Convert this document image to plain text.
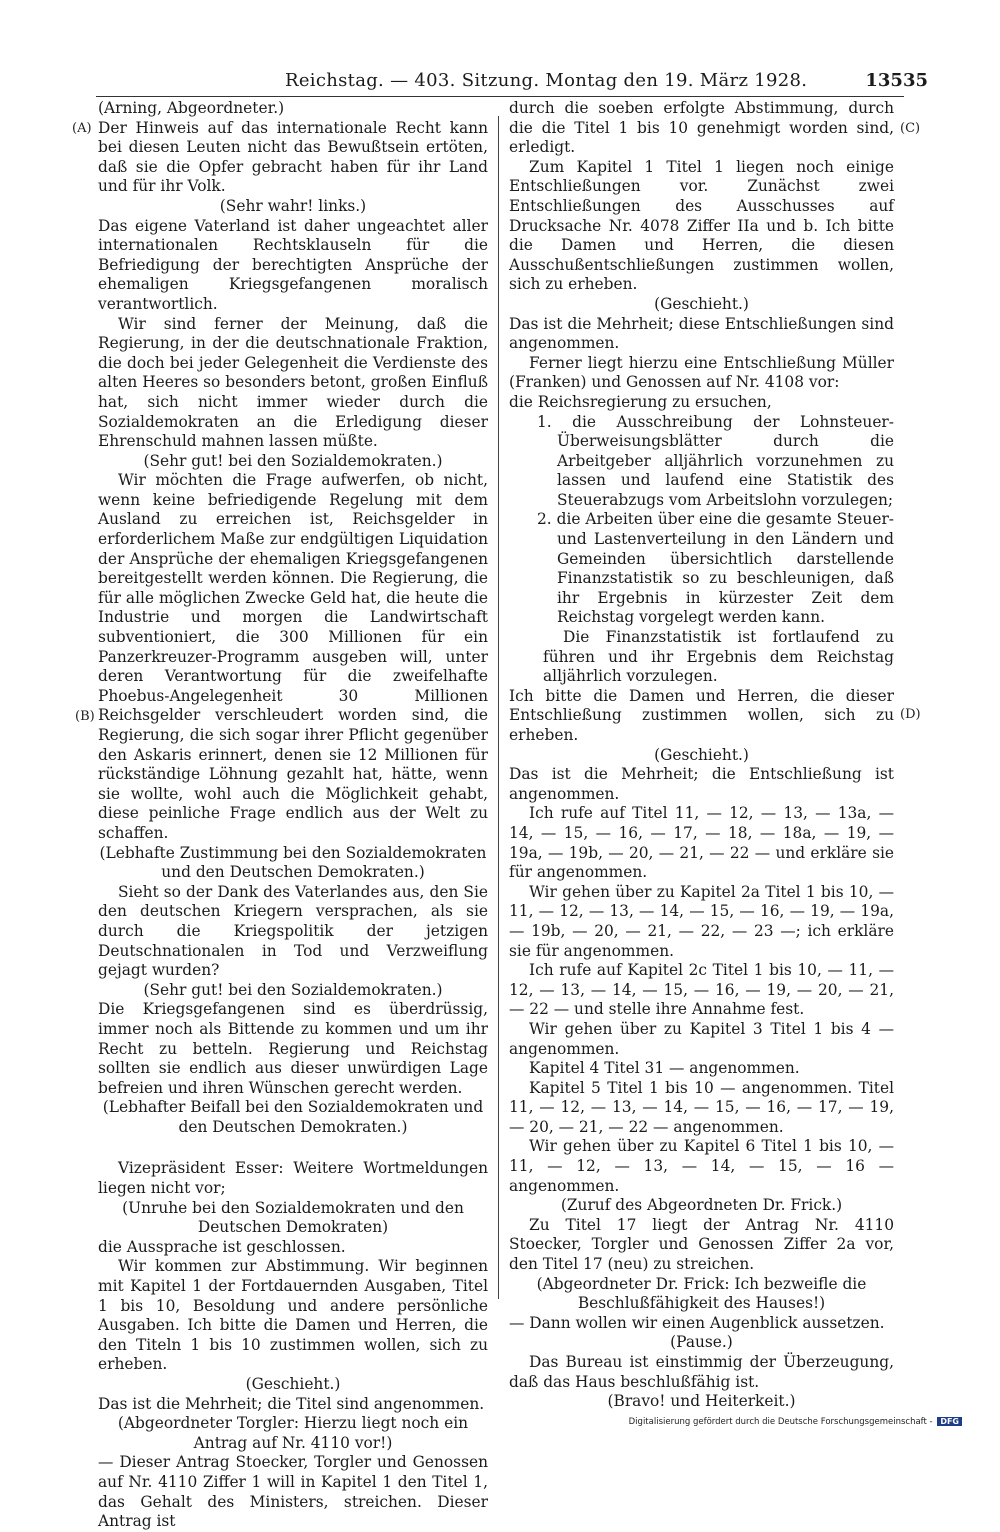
Reichstag. — 403. Sitzung. Montag den 19. März 1928.	13535
(A)
(B)
(C)
(D)

(Arning, Abgeordneter.)

Der Hinweis auf das internationale Recht kann bei diesen Leuten nicht das Bewußtsein ertöten, daß sie die Opfer gebracht haben für ihr Land und für ihr Volk.

(Sehr wahr! links.)

Das eigene Vaterland ist daher ungeachtet aller internationalen Rechtsklauseln für die Befriedigung der berechtigten Ansprüche der ehemaligen Kriegsgefangenen moralisch verantwortlich.

Wir sind ferner der Meinung, daß die Regierung, in der die deutschnationale Fraktion, die doch bei jeder Gelegenheit die Verdienste des alten Heeres so besonders betont, großen Einfluß hat, sich nicht immer wieder durch die Sozialdemokraten an die Erledigung dieser Ehrenschuld mahnen lassen müßte.

(Sehr gut! bei den Sozialdemokraten.)

Wir möchten die Frage aufwerfen, ob nicht, wenn keine befriedigende Regelung mit dem Ausland zu erreichen ist, Reichsgelder in erforderlichem Maße zur endgültigen Liquidation der Ansprüche der ehemaligen Kriegsgefangenen bereitgestellt werden können. Die Regierung, die für alle möglichen Zwecke Geld hat, die heute die Industrie und morgen die Landwirtschaft subventioniert, die 300 Millionen für ein Panzerkreuzer-Programm ausgeben will, unter deren Verantwortung für die zweifelhafte Phoebus-Angelegenheit 30 Millionen Reichsgelder verschleudert worden sind, die Regierung, die sich sogar ihrer Pflicht gegenüber den Askaris erinnert, denen sie 12 Millionen für rückständige Löhnung gezahlt hat, hätte, wenn sie wollte, wohl auch die Möglichkeit gehabt, diese peinliche Frage endlich aus der Welt zu schaffen.

(Lebhafte Zustimmung bei den Sozialdemokraten und den Deutschen Demokraten.)

Sieht so der Dank des Vaterlandes aus, den Sie den deutschen Kriegern versprachen, als sie durch die Kriegspolitik der jetzigen Deutschnationalen in Tod und Verzweiflung gejagt wurden?

(Sehr gut! bei den Sozialdemokraten.)

Die Kriegsgefangenen sind es überdrüssig, immer noch als Bittende zu kommen und um ihr Recht zu betteln. Regierung und Reichstag sollten sie endlich aus dieser unwürdigen Lage befreien und ihren Wünschen gerecht werden.

(Lebhafter Beifall bei den Sozialdemokraten und den Deutschen Demokraten.)

Vizepräsident Esser: Weitere Wortmeldungen liegen nicht vor;

(Unruhe bei den Sozialdemokraten und den Deutschen Demokraten)

die Aussprache ist geschlossen.

Wir kommen zur Abstimmung. Wir beginnen mit Kapitel 1 der Fortdauernden Ausgaben, Titel 1 bis 10, Besoldung und andere persönliche Ausgaben. Ich bitte die Damen und Herren, die den Titeln 1 bis 10 zustimmen wollen, sich zu erheben.

(Geschieht.)

Das ist die Mehrheit; die Titel sind angenommen.

(Abgeordneter Torgler: Hierzu liegt noch ein Antrag auf Nr. 4110 vor!)

— Dieser Antrag Stoecker, Torgler und Genossen auf Nr. 4110 Ziffer 1 will in Kapitel 1 den Titel 1, das Gehalt des Ministers, streichen. Dieser Antrag ist

durch die soeben erfolgte Abstimmung, durch die die Titel 1 bis 10 genehmigt worden sind, erledigt.

Zum Kapitel 1 Titel 1 liegen noch einige Entschließungen vor. Zunächst zwei Entschließungen des Ausschusses auf Drucksache Nr. 4078 Ziffer IIa und b. Ich bitte die Damen und Herren, die diesen Ausschußentschließungen zustimmen wollen, sich zu erheben.

(Geschieht.)

Das ist die Mehrheit; diese Entschließungen sind angenommen.

Ferner liegt hierzu eine Entschließung Müller (Franken) und Genossen auf Nr. 4108 vor:

die Reichsregierung zu ersuchen,

1. die Ausschreibung der Lohnsteuer-Überweisungsblätter durch die Arbeitgeber alljährlich vorzunehmen zu lassen und laufend eine Statistik des Steuerabzugs vom Arbeitslohn vorzulegen;

2. die Arbeiten über eine die gesamte Steuer- und Lastenverteilung in den Ländern und Gemeinden übersichtlich darstellende Finanzstatistik so zu beschleunigen, daß ihr Ergebnis in kürzester Zeit dem Reichstag vorgelegt werden kann.

Die Finanzstatistik ist fortlaufend zu führen und ihr Ergebnis dem Reichstag alljährlich vorzulegen.

Ich bitte die Damen und Herren, die dieser Entschließung zustimmen wollen, sich zu erheben.

(Geschieht.)

Das ist die Mehrheit; die Entschließung ist angenommen.

Ich rufe auf Titel 11, — 12, — 13, — 13a, — 14, — 15, — 16, — 17, — 18, — 18a, — 19, — 19a, — 19b, — 20, — 21, — 22 — und erkläre sie für angenommen.

Wir gehen über zu Kapitel 2a Titel 1 bis 10, — 11, — 12, — 13, — 14, — 15, — 16, — 19, — 19a, — 19b, — 20, — 21, — 22, — 23 —; ich erkläre sie für angenommen.

Ich rufe auf Kapitel 2c Titel 1 bis 10, — 11, — 12, — 13, — 14, — 15, — 16, — 19, — 20, — 21, — 22 — und stelle ihre Annahme fest.

Wir gehen über zu Kapitel 3 Titel 1 bis 4 — angenommen.

Kapitel 4 Titel 31 — angenommen.

Kapitel 5 Titel 1 bis 10 — angenommen. Titel 11, — 12, — 13, — 14, — 15, — 16, — 17, — 19, — 20, — 21, — 22 — angenommen.

Wir gehen über zu Kapitel 6 Titel 1 bis 10, — 11, — 12, — 13, — 14, — 15, — 16 — angenommen.

(Zuruf des Abgeordneten Dr. Frick.)

Zu Titel 17 liegt der Antrag Nr. 4110 Stoecker, Torgler und Genossen Ziffer 2a vor, den Titel 17 (neu) zu streichen.

(Abgeordneter Dr. Frick: Ich bezweifle die Beschlußfähigkeit des Hauses!)

— Dann wollen wir einen Augenblick aussetzen.

(Pause.)

Das Bureau ist einstimmig der Überzeugung, daß das Haus beschlußfähig ist.

(Bravo! und Heiterkeit.)

Digitalisierung gefördert durch die Deutsche Forschungsgemeinschaft - DFG
